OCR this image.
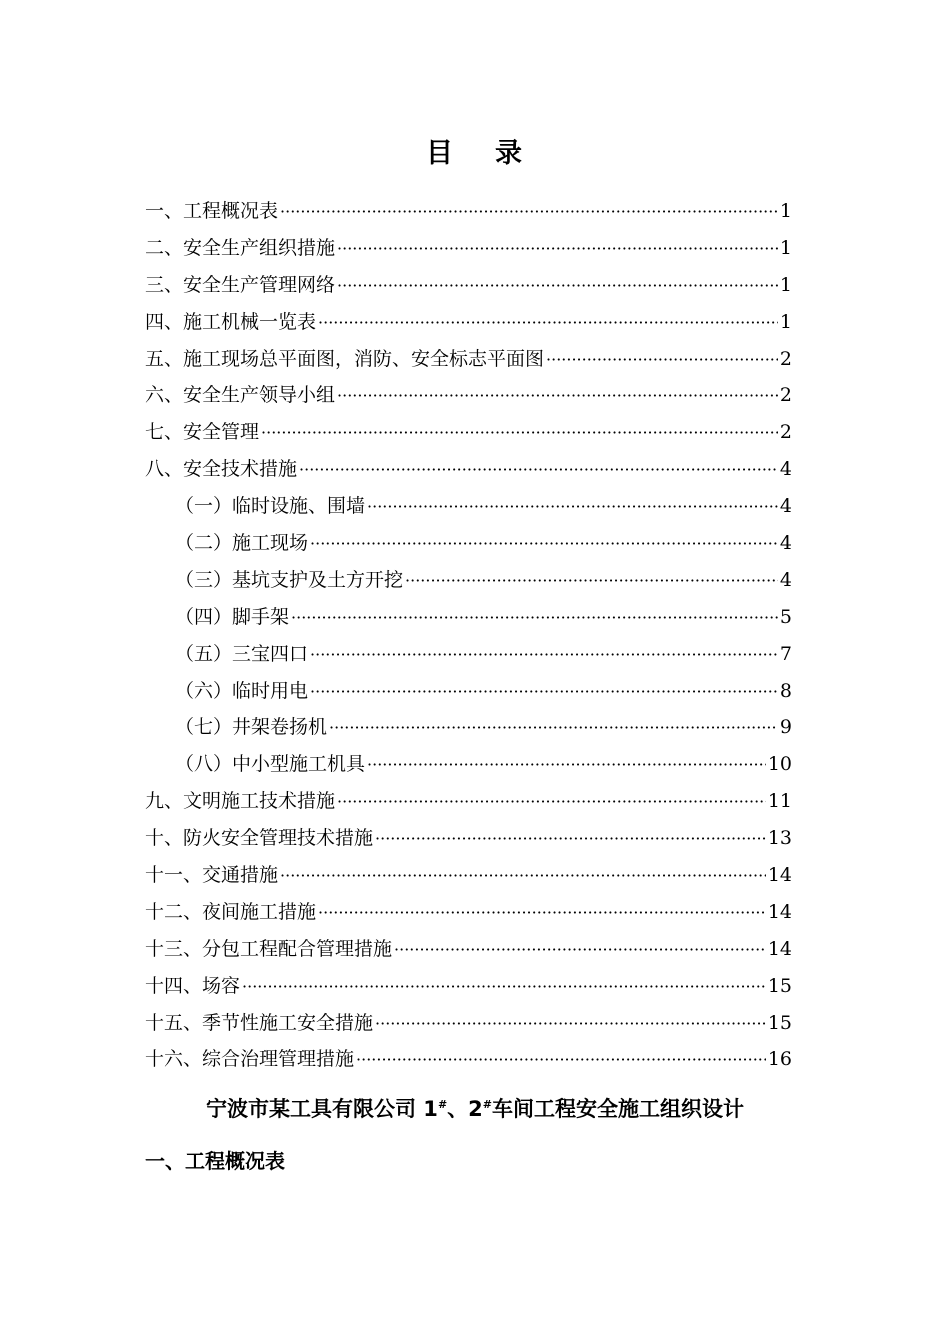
目 录
一、工程概况表 ·····	1
二、安全生产组织措施 ·····	1
三、安全生产管理网络 ·····	1
四、施工机械一览表 ·····	1
五、施工现场总平面图，消防、安全标志平面图 ·····	2
六、安全生产领导小组 ·····	2
七、安全管理 ·····	2
八、安全技术措施 ·····	4
（一）临时设施、围墙 ·····	4
（二）施工现场 ·····	4
（三）基坑支护及土方开挖 ·····	4
（四）脚手架 ·····	5
（五）三宝四口 ·····	7
（六）临时用电 ·····	8
（七）井架卷扬机 ·····	9
（八）中小型施工机具 ·····	10
九、文明施工技术措施 ·····	11
十、防火安全管理技术措施 ·····	13
十一、交通措施 ·····	14
十二、夜间施工措施 ·····	14
十三、分包工程配合管理措施 ·····	14
十四、场容 ·····	15
十五、季节性施工安全措施 ·····	15
十六、综合治理管理措施 ·····	16
宁波市某工具有限公司 1#、2#车间工程安全施工组织设计
一、工程概况表
